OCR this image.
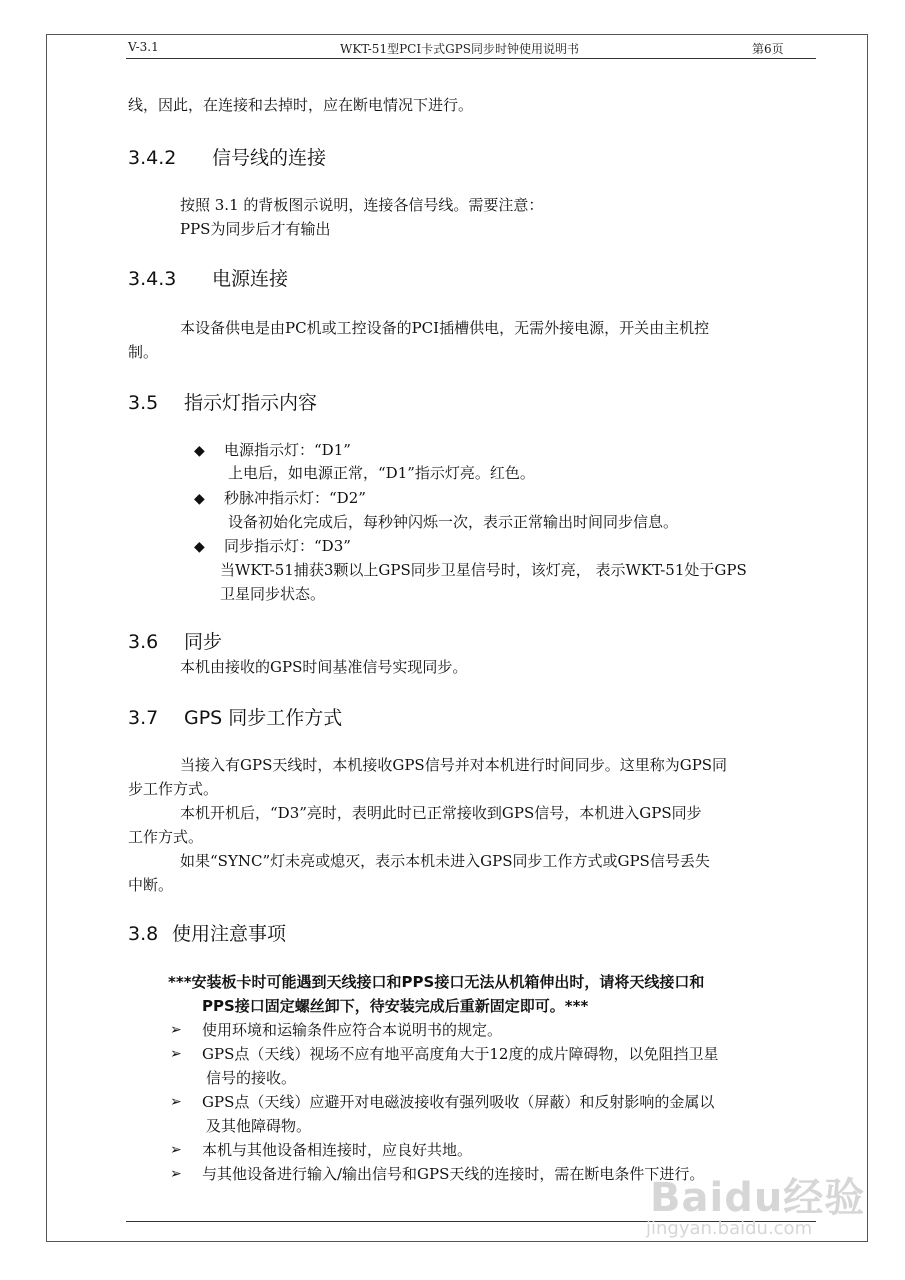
V-3.1	WKT-51型PCI卡式GPS同步时钟使用说明书	第6页
线，因此，在连接和去掉时，应在断电情况下进行。
3.4.2 信号线的连接
按照 3.1 的背板图示说明，连接各信号线。需要注意：
PPS为同步后才有输出
3.4.3 电源连接
本设备供电是由PC机或工控设备的PCI插槽供电，无需外接电源，开关由主机控
制。
3.5 指示灯指示内容
◆ 电源指示灯：“D1”
上电后，如电源正常，“D1”指示灯亮。红色。
◆ 秒脉冲指示灯：“D2”
设备初始化完成后，每秒钟闪烁一次，表示正常输出时间同步信息。
◆ 同步指示灯：“D3”
当WKT-51捕获3颗以上GPS同步卫星信号时，该灯亮， 表示WKT-51处于GPS
卫星同步状态。
3.6 同步
本机由接收的GPS时间基准信号实现同步。
3.7 GPS 同步工作方式
当接入有GPS天线时，本机接收GPS信号并对本机进行时间同步。这里称为GPS同
步工作方式。
本机开机后，“D3”亮时，表明此时已正常接收到GPS信号，本机进入GPS同步
工作方式。
如果“SYNC”灯未亮或熄灭，表示本机未进入GPS同步工作方式或GPS信号丢失
中断。
3.8 使用注意事项
***安装板卡时可能遇到天线接口和PPS接口无法从机箱伸出时，请将天线接口和
PPS接口固定螺丝卸下，待安装完成后重新固定即可。***
➢ 使用环境和运输条件应符合本说明书的规定。
➢ GPS点（天线）视场不应有地平高度角大于12度的成片障碍物，以免阻挡卫星
信号的接收。
➢ GPS点（天线）应避开对电磁波接收有强列吸收（屏蔽）和反射影响的金属以
及其他障碍物。
➢ 本机与其他设备相连接时，应良好共地。
➢ 与其他设备进行输入/输出信号和GPS天线的连接时，需在断电条件下进行。
Baidu经验
jingyan.baidu.com
